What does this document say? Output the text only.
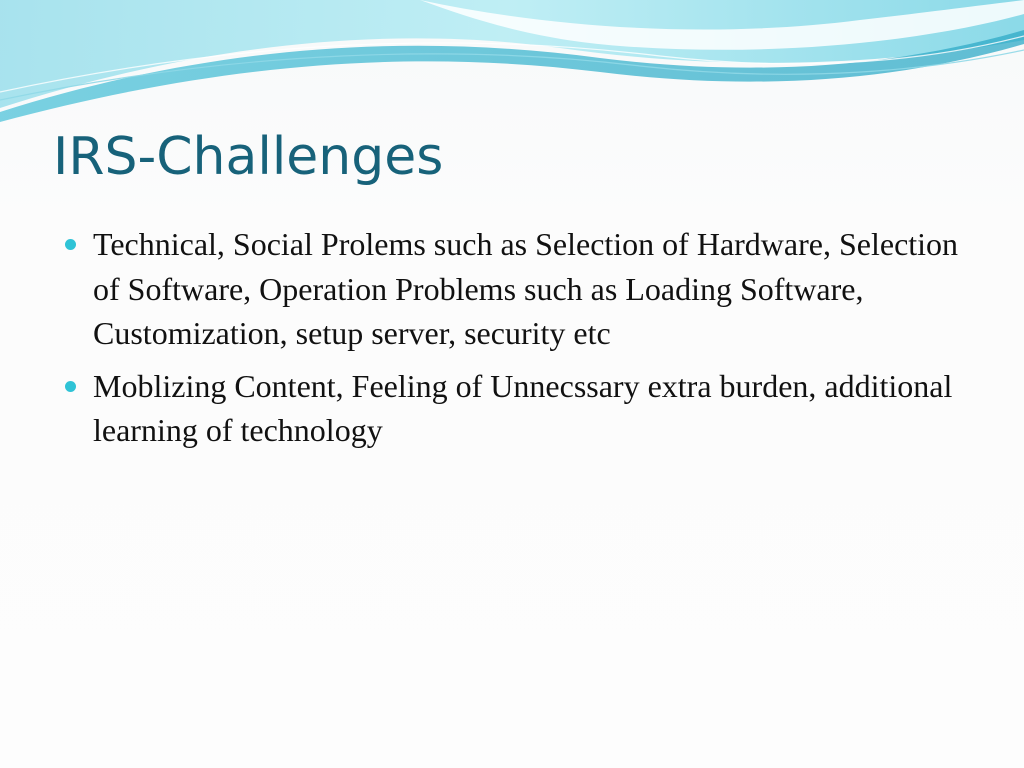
IRS-Challenges
Technical, Social Prolems such as Selection of Hardware, Selection of Software, Operation Problems such as Loading Software, Customization, setup server, security etc
Moblizing Content, Feeling of Unnecssary extra burden, additional learning of technology
